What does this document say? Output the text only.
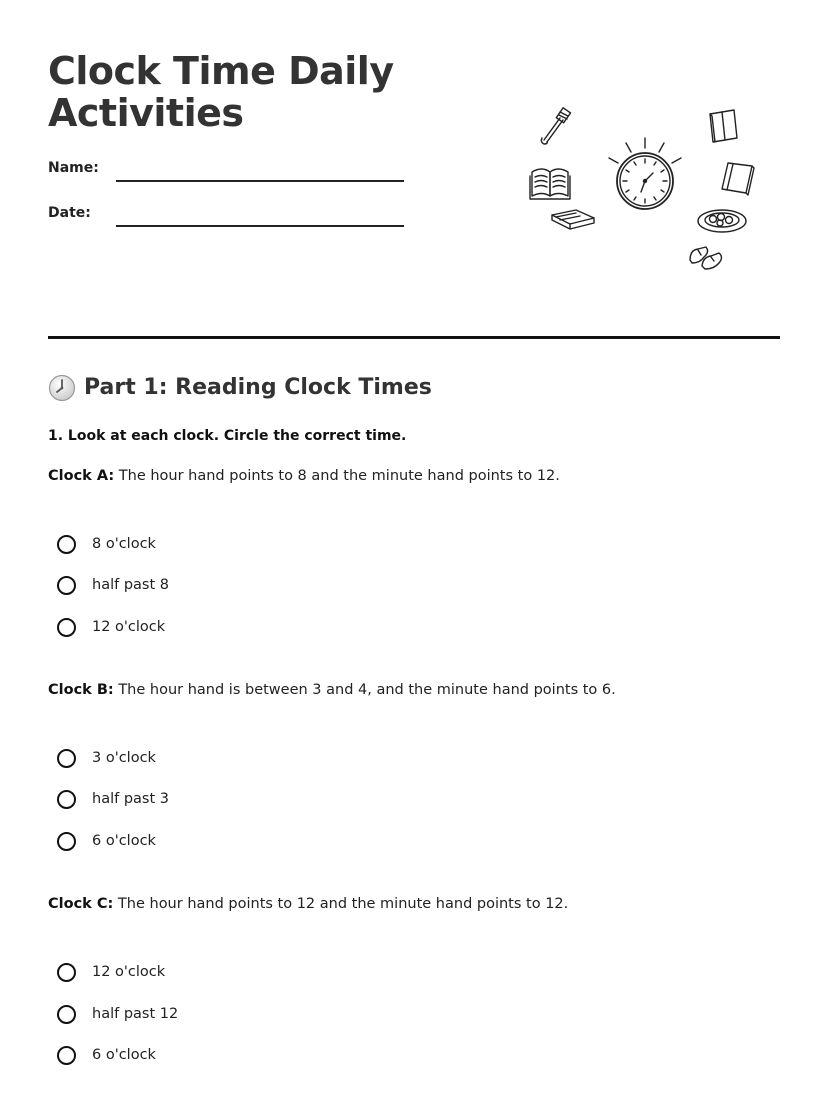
Clock Time Daily Activities
Name:
Date:
Part 1: Reading Clock Times
1. Look at each clock. Circle the correct time.
Clock A: The hour hand points to 8 and the minute hand points to 12.
8 o'clock
half past 8
12 o'clock
Clock B: The hour hand is between 3 and 4, and the minute hand points to 6.
3 o'clock
half past 3
6 o'clock
Clock C: The hour hand points to 12 and the minute hand points to 12.
12 o'clock
half past 12
6 o'clock
